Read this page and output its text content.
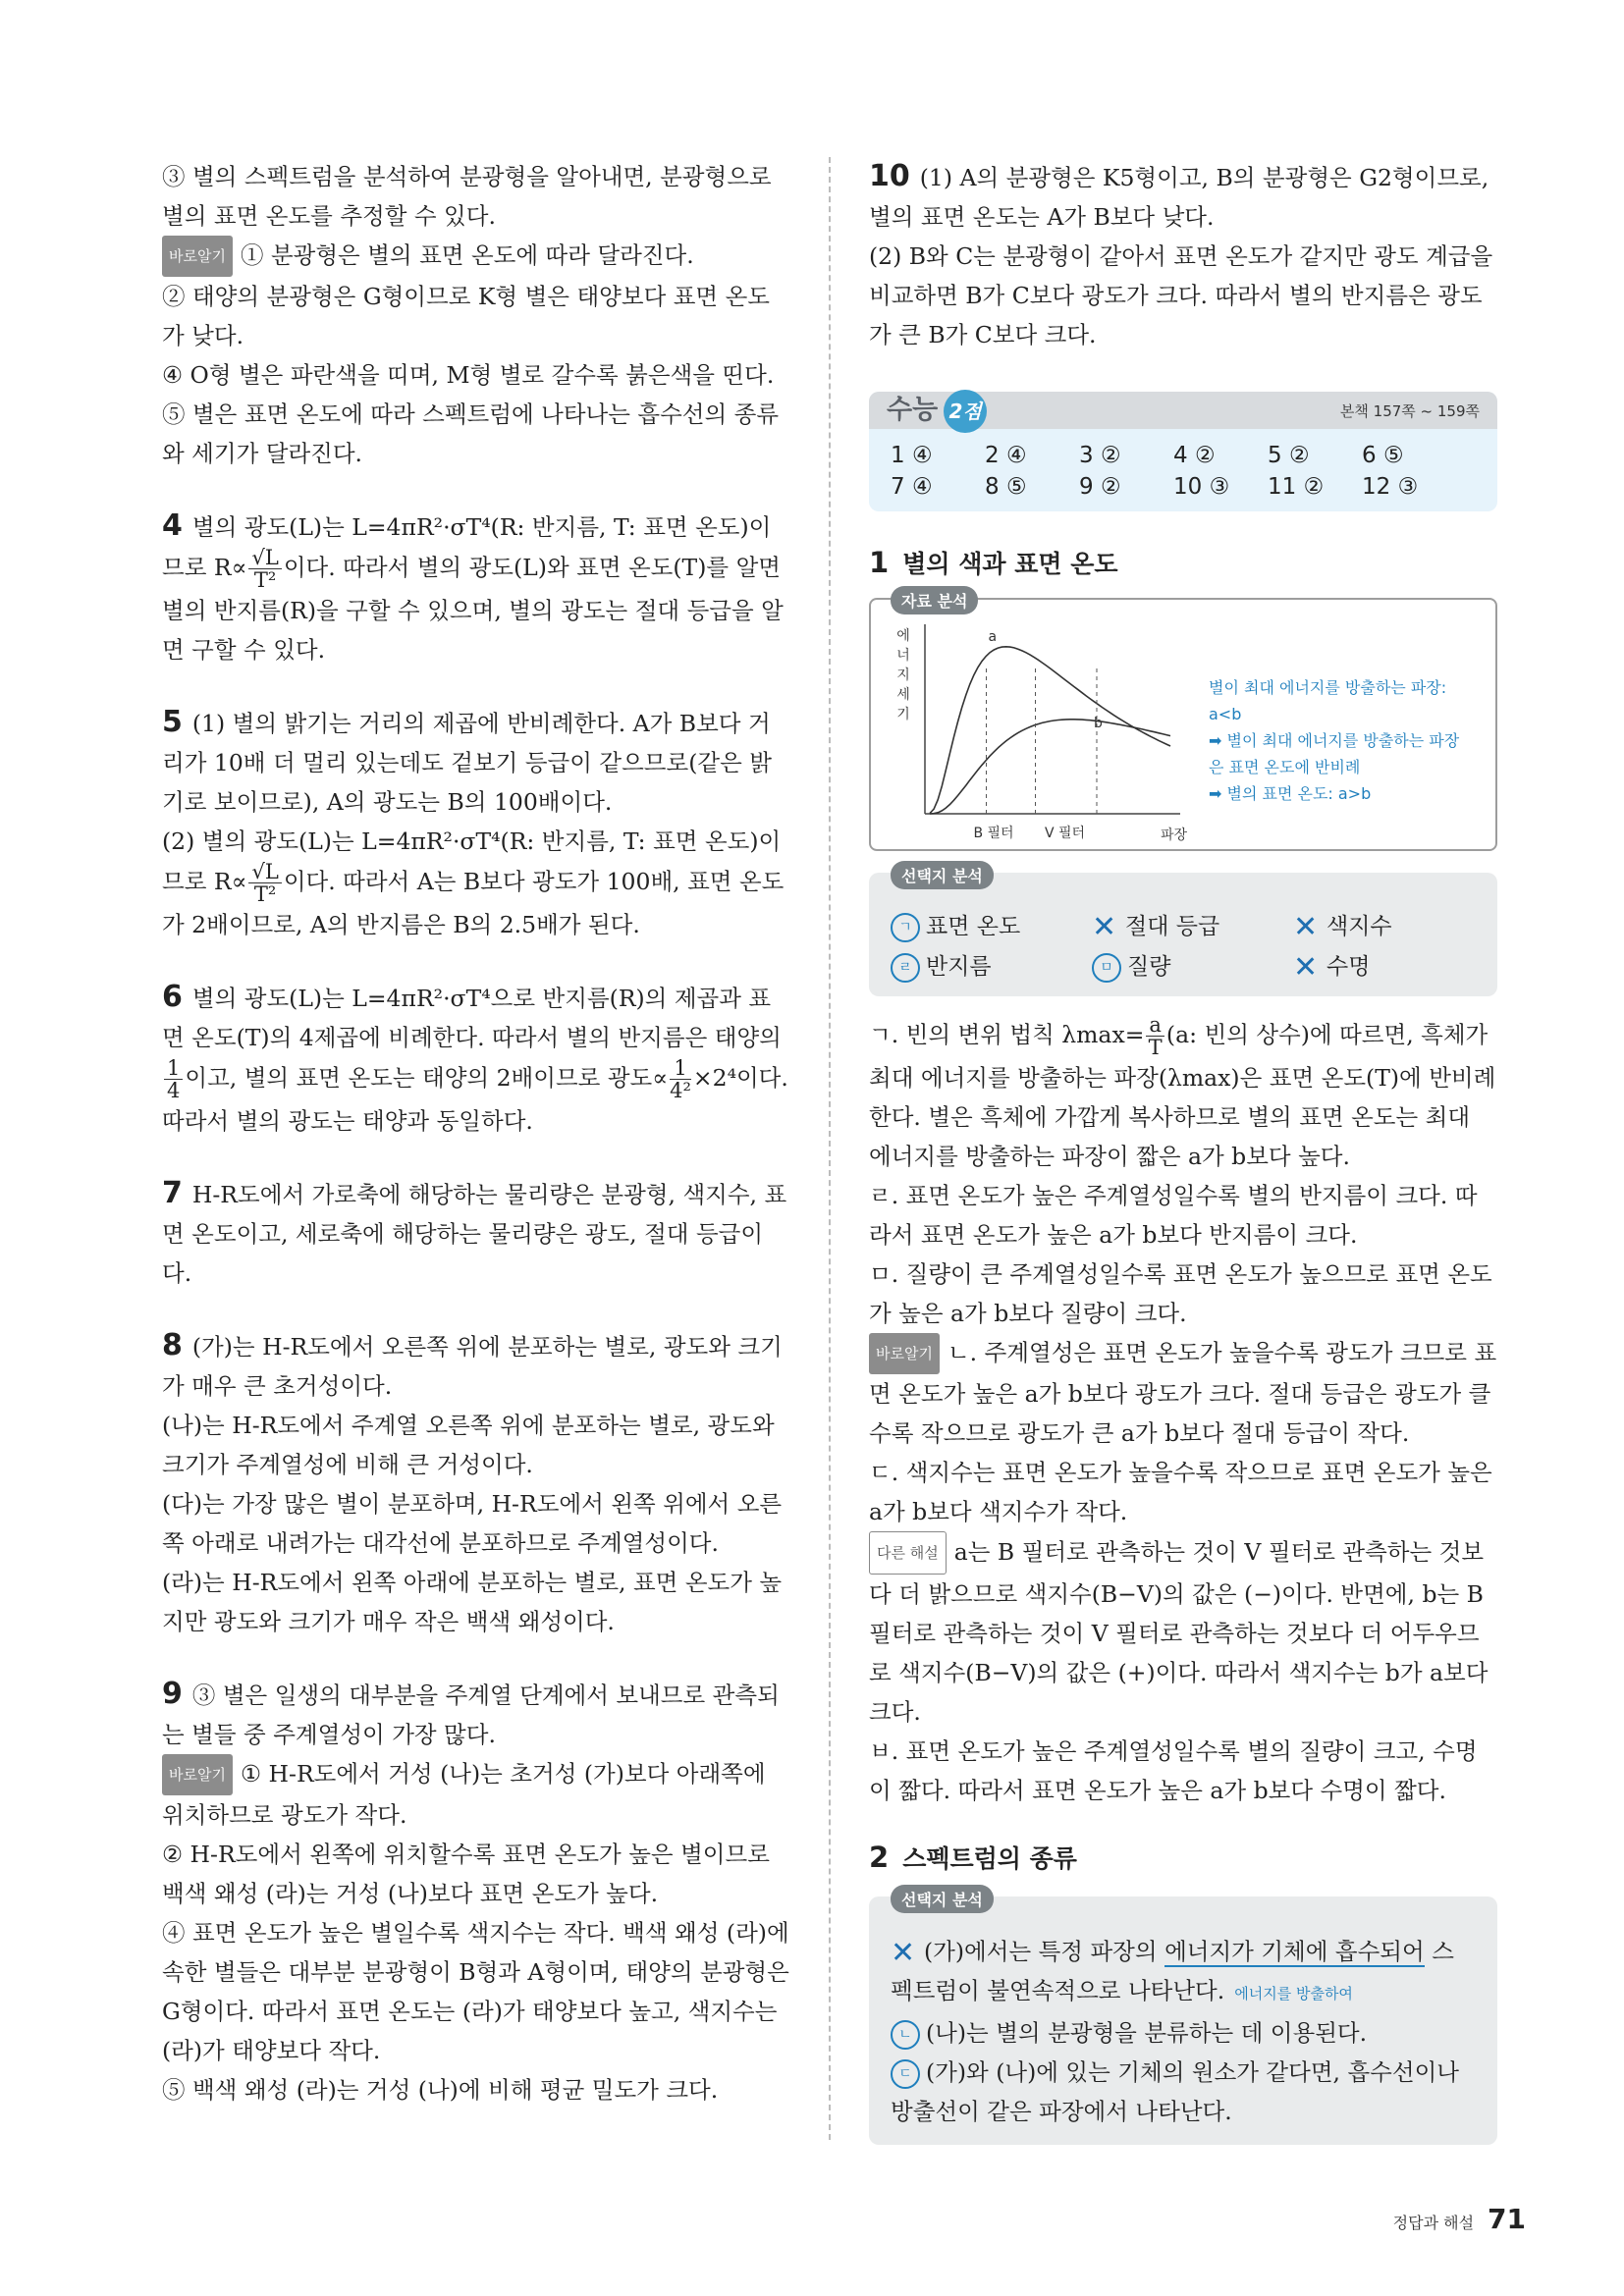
③ 별의 스펙트럼을 분석하여 분광형을 알아내면, 분광형으로 별의 표면 온도를 추정할 수 있다.

바로알기 ① 분광형은 별의 표면 온도에 따라 달라진다.

② 태양의 분광형은 G형이므로 K형 별은 태양보다 표면 온도가 낮다.

④ O형 별은 파란색을 띠며, M형 별로 갈수록 붉은색을 띤다.

⑤ 별은 표면 온도에 따라 스펙트럼에 나타나는 흡수선의 종류와 세기가 달라진다.

4 별의 광도(L)는 L=4πR²·σT⁴(R: 반지름, T: 표면 온도)이므로 $R\propto \frac{√L}{\text{T²}}$ 이다. 따라서 별의 광도(L)와 표면 온도(T)를 알면 별의 반지름(R)을 구할 수 있으며, 별의 광도는 절대 등급을 알면 구할 수 있다.

5 (1) 별의 밝기는 거리의 제곱에 반비례한다. A가 B보다 거리가 10배 더 멀리 있는데도 겉보기 등급이 같으므로(같은 밝기로 보이므로), A의 광도는 B의 100배이다.

(2) 별의 광도(L)는 L=4πR²·σT⁴(R: 반지름, T: 표면 온도)이므로 $R\propto \frac{√L}{\text{T²}}$ 이다. 따라서 A는 B보다 광도가 100배, 표면 온도가 2배이므로, A의 반지름은 B의 2.5배가 된다.

6 별의 광도(L)는 L=4πR²·σT⁴으로 반지름(R)의 제곱과 표면 온도(T)의 4제곱에 비례한다. 따라서 별의 반지름은 태양의
$\frac{1}{4}$ 이고, 별의 표면 온도는 태양의 2배이므로 광도∝ $\frac{1}{\text{4²}} \times 2^4$이다. 따라서 별의 광도는 태양과 동일하다.

7 H-R도에서 가로축에 해당하는 물리량은 분광형, 색지수, 표면 온도이고, 세로축에 해당하는 물리량은 광도, 절대 등급이다.

8 (가)는 H-R도에서 오른쪽 위에 분포하는 별로, 광도와 크기가 매우 큰 초거성이다.

(나)는 H-R도에서 주계열 오른쪽 위에 분포하는 별로, 광도와 크기가 주계열성에 비해 큰 거성이다.

(다)는 가장 많은 별이 분포하며, H-R도에서 왼쪽 위에서 오른쪽 아래로 내려가는 대각선에 분포하므로 주계열성이다.

(라)는 H-R도에서 왼쪽 아래에 분포하는 별로, 표면 온도가 높지만 광도와 크기가 매우 작은 백색 왜성이다.

9 ③ 별은 일생의 대부분을 주계열 단계에서 보내므로 관측되는 별들 중 주계열성이 가장 많다.

바로알기 ① H-R도에서 거성 (나)는 초거성 (가)보다 아래쪽에 위치하므로 광도가 작다.

② H-R도에서 왼쪽에 위치할수록 표면 온도가 높은 별이므로 백색 왜성 (라)는 거성 (나)보다 표면 온도가 높다.

④ 표면 온도가 높은 별일수록 색지수는 작다. 백색 왜성 (라)에 속한 별들은 대부분 분광형이 B형과 A형이며, 태양의 분광형은 G형이다. 따라서 표면 온도는 (라)가 태양보다 높고, 색지수는 (라)가 태양보다 작다.

⑤ 백색 왜성 (라)는 거성 (나)에 비해 평균 밀도가 크다.

10 (1) A의 분광형은 K5형이고, B의 분광형은 G2형이므로, 별의 표면 온도는 A가 B보다 낮다.

(2) B와 C는 분광형이 같아서 표면 온도가 같지만 광도 계급을 비교하면 B가 C보다 광도가 크다. 따라서 별의 반지름은 광도가 큰 B가 C보다 크다.

수능 2점	본책 157쪽 ~ 159쪽
1 ④	2 ④	3 ②	4 ②	5 ②	6 ⑤
7 ④	8 ⑤	9 ②	10 ③	11 ②	12 ③

1 별의 색과 표면 온도

자료 분석
에
너
지
세
기
파장
a
b
B 필터 V 필터
별이 최대 에너지를 방출하는 파장: a<b
➡ 별이 최대 에너지를 방출하는 파장은 표면 온도에 반비례
➡ 별의 표면 온도: a>b
선택지 분석
ㄱ 표면 온도	✕ 절대 등급	✕ 색지수
ㄹ 반지름	ㅁ 질량	✕ 수명

ㄱ. 빈의 변위 법칙 $\lambda\max= \frac{a}{T} (a$: 빈의 상수)에 따르면, 흑체가 최대 에너지를 방출하는 파장(λmax)은 표면 온도(T)에 반비례한다. 별은 흑체에 가깝게 복사하므로 별의 표면 온도는 최대 에너지를 방출하는 파장이 짧은 a가 b보다 높다.

ㄹ. 표면 온도가 높은 주계열성일수록 별의 반지름이 크다. 따라서 표면 온도가 높은 a가 b보다 반지름이 크다.

ㅁ. 질량이 큰 주계열성일수록 표면 온도가 높으므로 표면 온도가 높은 a가 b보다 질량이 크다.

바로알기 ㄴ. 주계열성은 표면 온도가 높을수록 광도가 크므로 표면 온도가 높은 a가 b보다 광도가 크다. 절대 등급은 광도가 클수록 작으므로 광도가 큰 a가 b보다 절대 등급이 작다.

ㄷ. 색지수는 표면 온도가 높을수록 작으므로 표면 온도가 높은 a가 b보다 색지수가 작다.

다른 해설 a는 B 필터로 관측하는 것이 V 필터로 관측하는 것보다 더 밝으므로 색지수(B−V)의 값은 (−)이다. 반면에, b는 B 필터로 관측하는 것이 V 필터로 관측하는 것보다 더 어두우므로 색지수(B−V)의 값은 (+)이다. 따라서 색지수는 b가 a보다 크다.

ㅂ. 표면 온도가 높은 주계열성일수록 별의 질량이 크고, 수명이 짧다. 따라서 표면 온도가 높은 a가 b보다 수명이 짧다.

2 스펙트럼의 종류

선택지 분석

✕ (가)에서는 특정 파장의 에너지가 기체에 흡수되어 스펙트럼이 불연속적으로 나타난다. 에너지를 방출하여

ㄴ (나)는 별의 분광형을 분류하는 데 이용된다.

ㄷ (가)와 (나)에 있는 기체의 원소가 같다면, 흡수선이나 방출선이 같은 파장에서 나타난다.

정답과 해설 71
